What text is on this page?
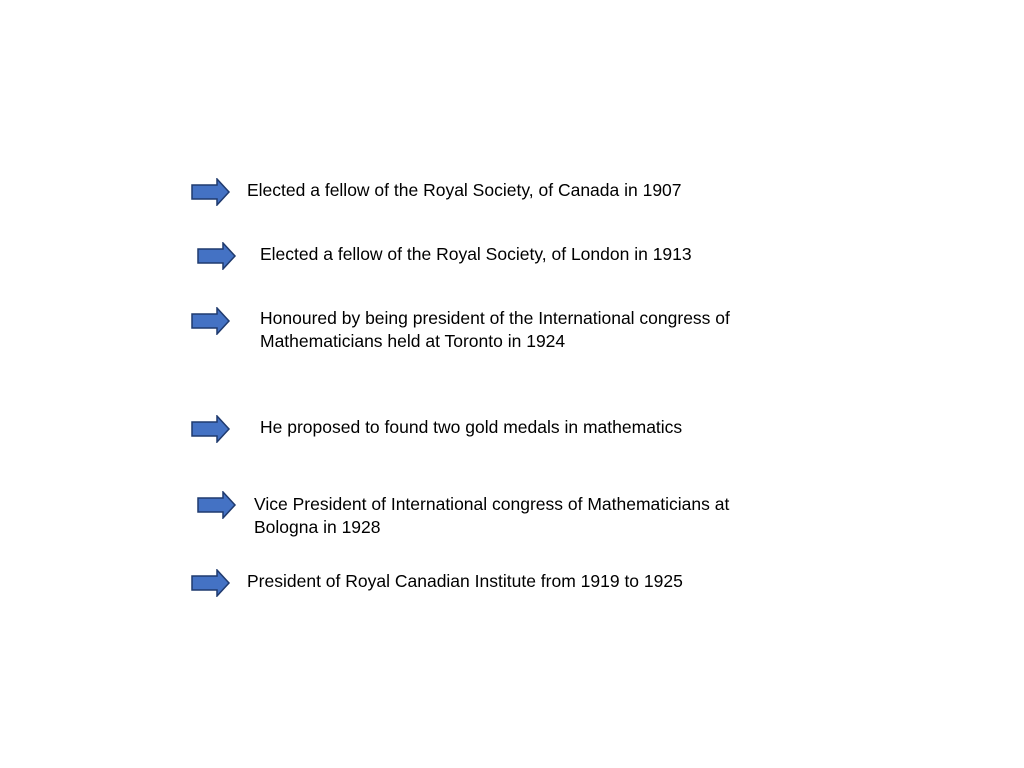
Elected a fellow of the Royal Society, of Canada in 1907
Elected a fellow of the Royal Society, of London in 1913
Honoured by being president of the International congress of
Mathematicians held at Toronto in 1924
He proposed to found two gold medals in mathematics
Vice President of International congress of Mathematicians at
Bologna in 1928
President of Royal Canadian Institute from 1919 to 1925
